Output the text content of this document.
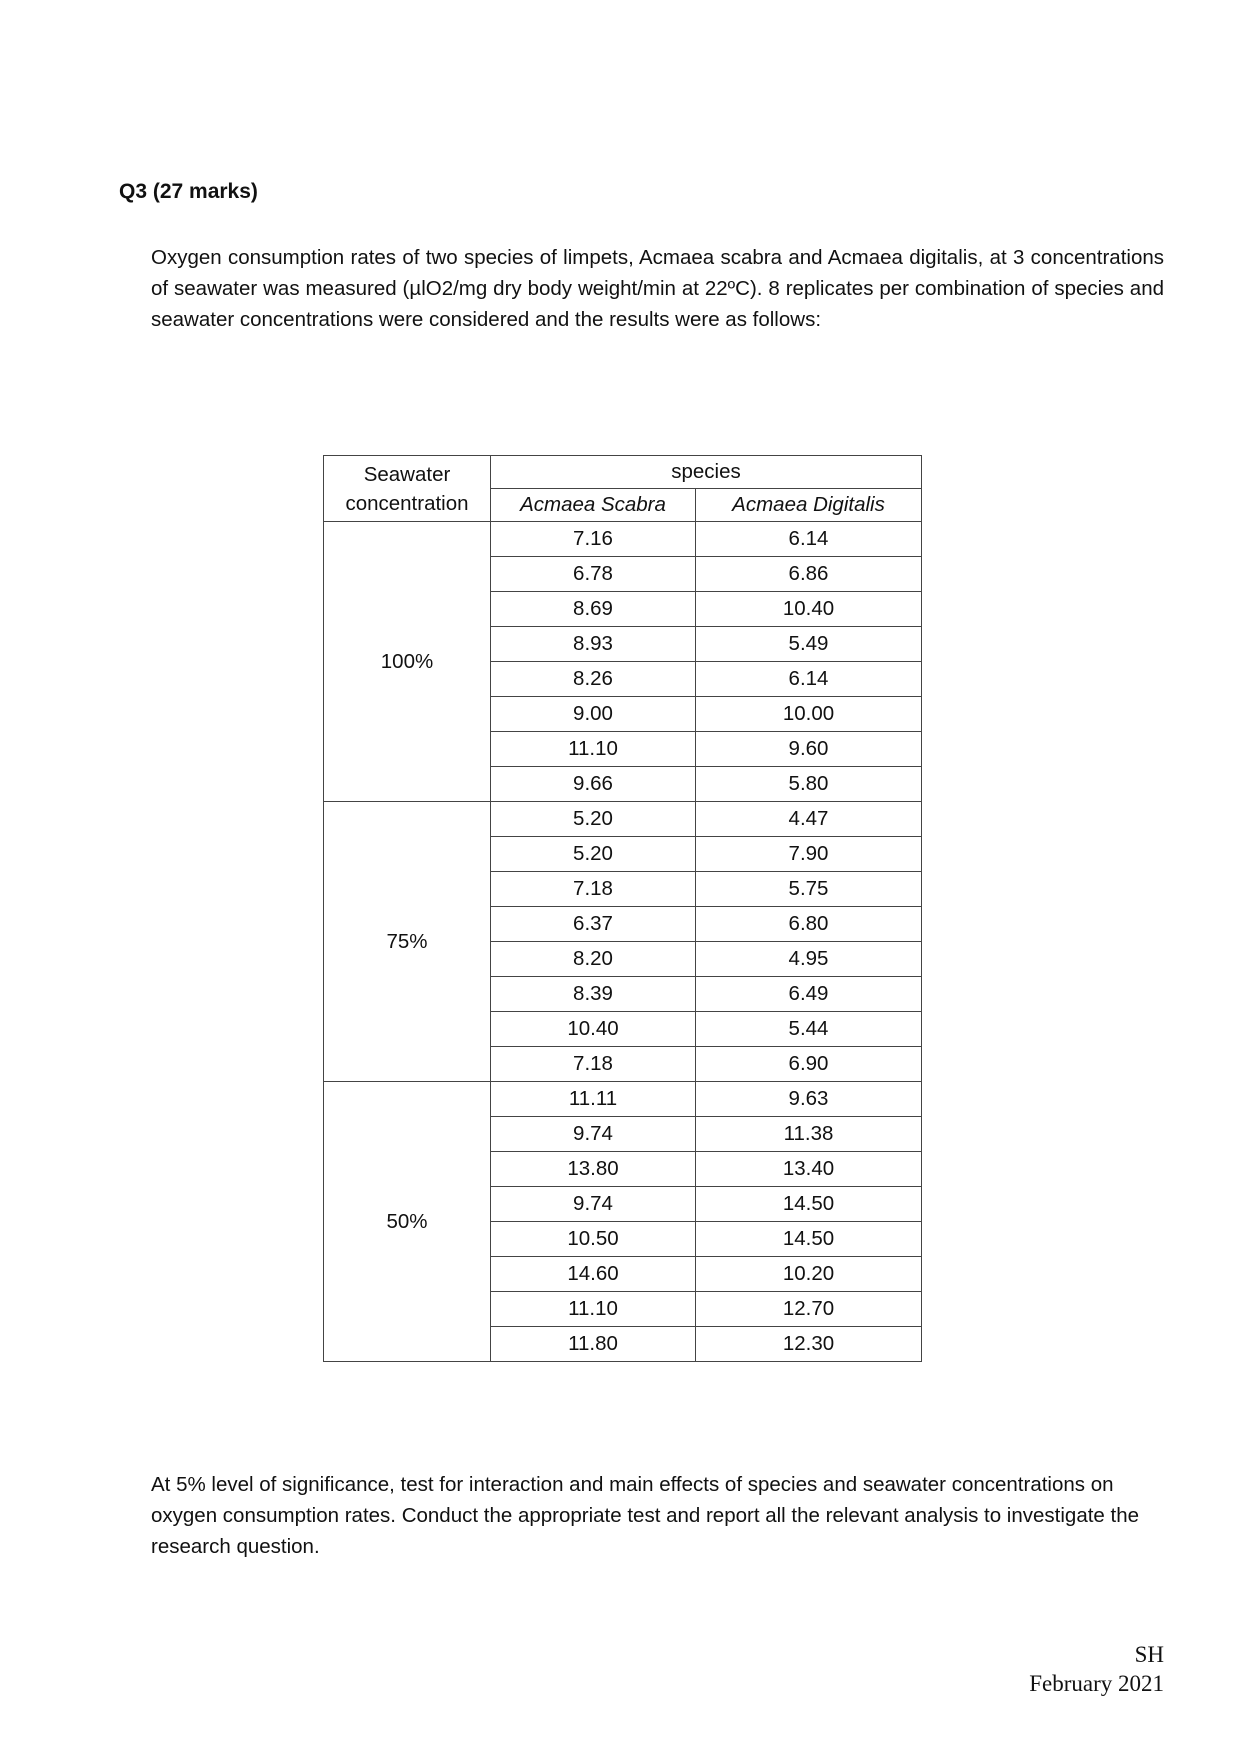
Q3 (27 marks)

Oxygen consumption rates of two species of limpets, Acmaea scabra and Acmaea digitalis, at 3 concentrations of seawater was measured (µlO2/mg dry body weight/min at 22ºC). 8 replicates per combination of species and seawater concentrations were considered and the results were as follows:

Seawater concentration	species	
	Acmaea Scabra	Acmaea Digitalis
100%	7.16	6.14
	6.78	6.86
	8.69	10.40
	8.93	5.49
	8.26	6.14
	9.00	10.00
	11.10	9.60
	9.66	5.80
75%	5.20	4.47
	5.20	7.90
	7.18	5.75
	6.37	6.80
	8.20	4.95
	8.39	6.49
	10.40	5.44
	7.18	6.90
50%	11.11	9.63
	9.74	11.38
	13.80	13.40
	9.74	14.50
	10.50	14.50
	14.60	10.20
	11.10	12.70
	11.80	12.30

At 5% level of significance, test for interaction and main effects of species and seawater concentrations on oxygen consumption rates. Conduct the appropriate test and report all the relevant analysis to investigate the research question.

SH
February 2021
